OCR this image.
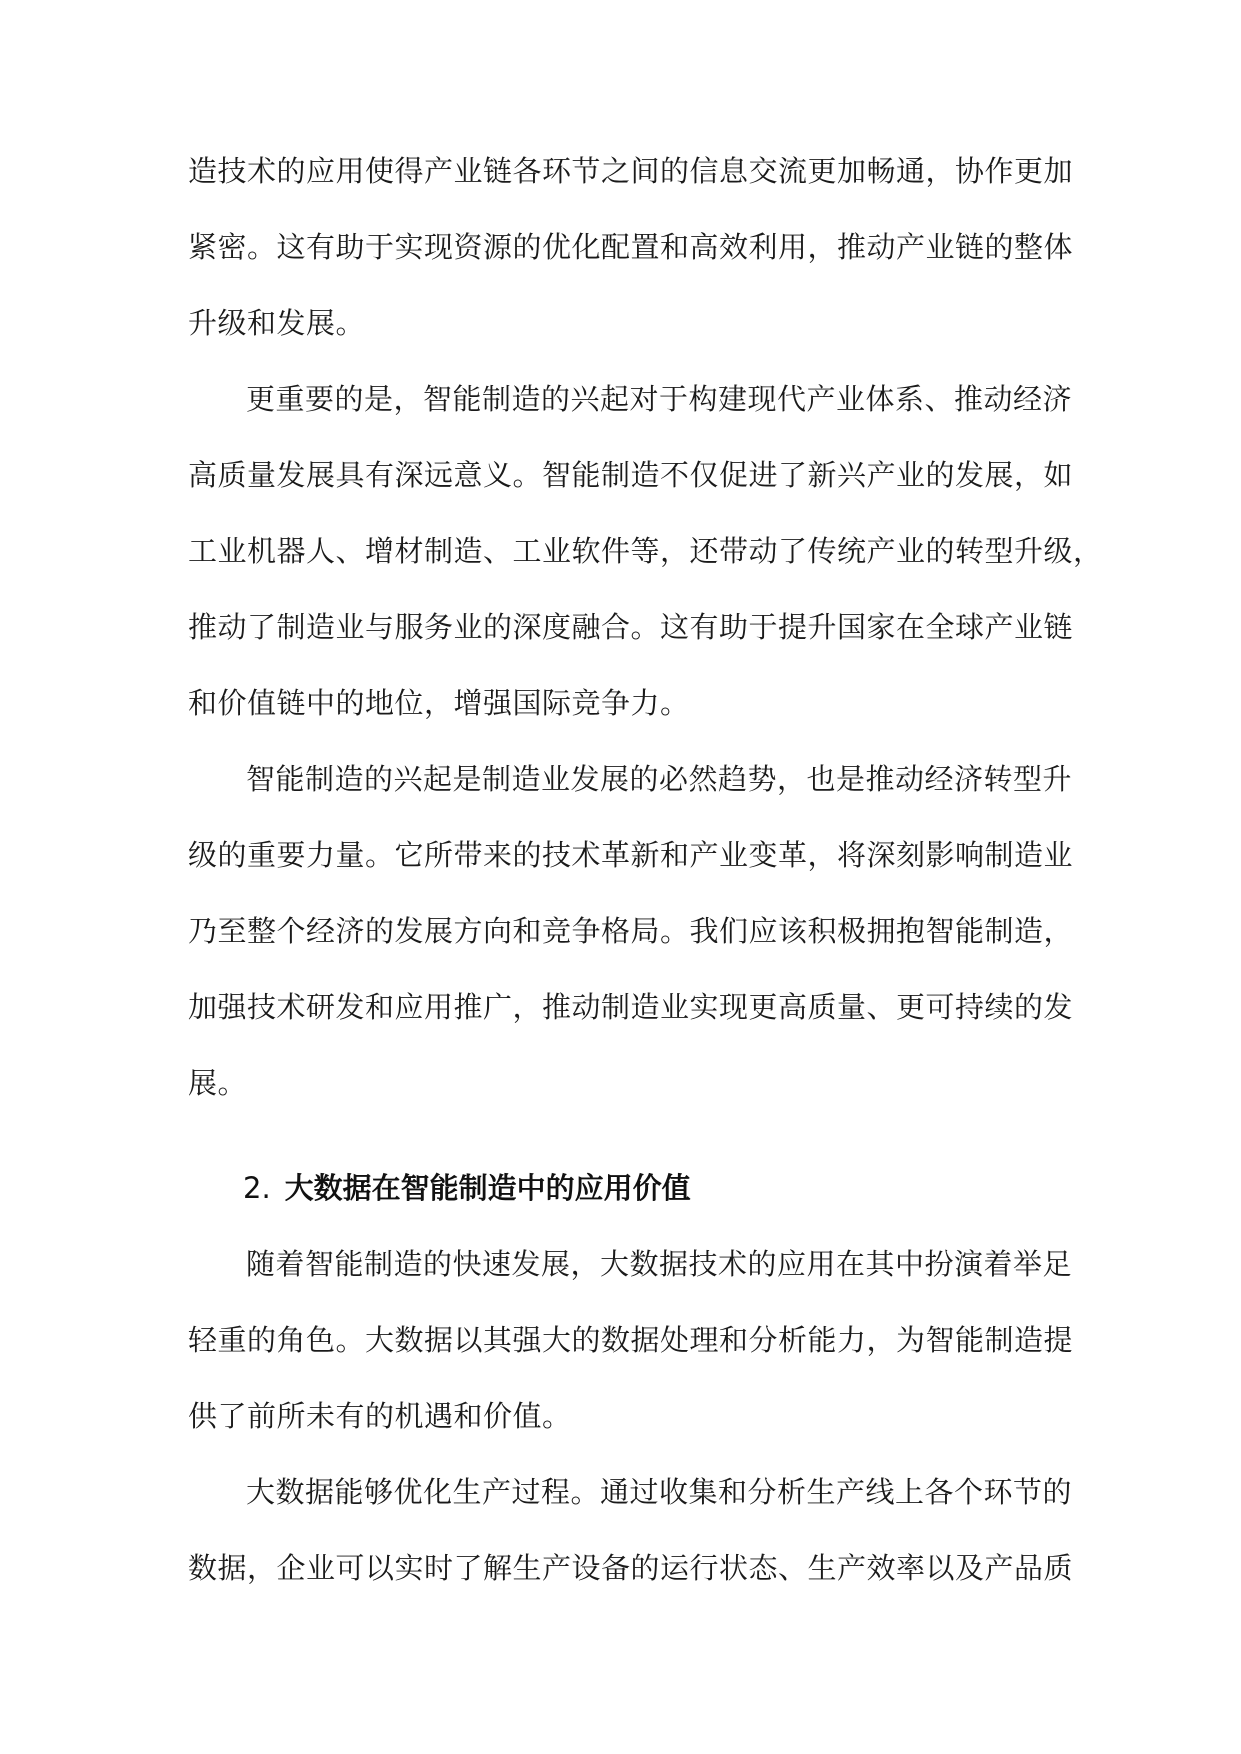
造技术的应用使得产业链各环节之间的信息交流更加畅通，协作更加
紧密。这有助于实现资源的优化配置和高效利用，推动产业链的整体
升级和发展。
更重要的是，智能制造的兴起对于构建现代产业体系、推动经济
高质量发展具有深远意义。智能制造不仅促进了新兴产业的发展，如
工业机器人、增材制造、工业软件等，还带动了传统产业的转型升级，
推动了制造业与服务业的深度融合。这有助于提升国家在全球产业链
和价值链中的地位，增强国际竞争力。
智能制造的兴起是制造业发展的必然趋势，也是推动经济转型升
级的重要力量。它所带来的技术革新和产业变革，将深刻影响制造业
乃至整个经济的发展方向和竞争格局。我们应该积极拥抱智能制造，
加强技术研发和应用推广，推动制造业实现更高质量、更可持续的发
展。
2. 大数据在智能制造中的应用价值
随着智能制造的快速发展，大数据技术的应用在其中扮演着举足
轻重的角色。大数据以其强大的数据处理和分析能力，为智能制造提
供了前所未有的机遇和价值。
大数据能够优化生产过程。通过收集和分析生产线上各个环节的
数据，企业可以实时了解生产设备的运行状态、生产效率以及产品质
